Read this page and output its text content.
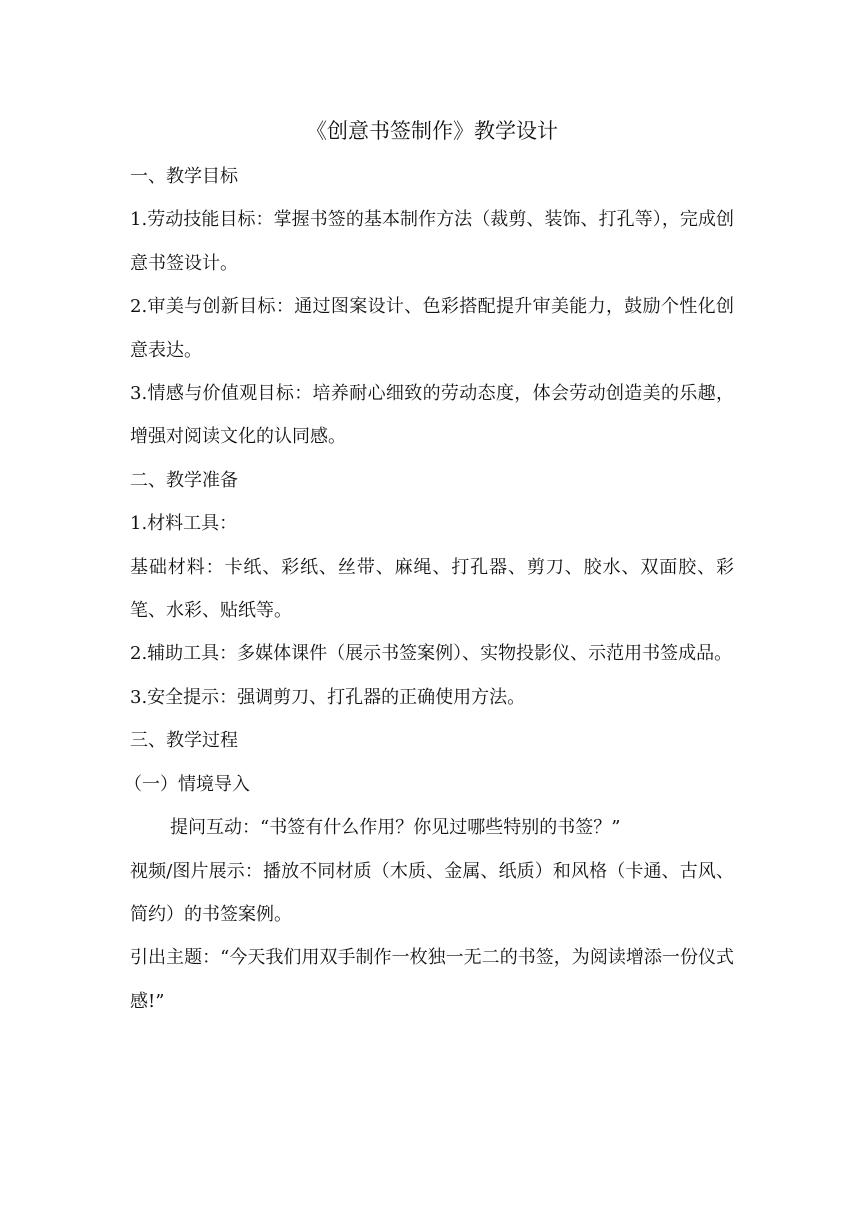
《创意书签制作》教学设计

一、教学目标

1.劳动技能目标：掌握书签的基本制作方法（裁剪、装饰、打孔等），完成创意书签设计。

2.审美与创新目标：通过图案设计、色彩搭配提升审美能力，鼓励个性化创意表达。

3.情感与价值观目标：培养耐心细致的劳动态度，体会劳动创造美的乐趣，增强对阅读文化的认同感。

二、教学准备

1.材料工具：

基础材料：卡纸、彩纸、丝带、麻绳、打孔器、剪刀、胶水、双面胶、彩笔、水彩、贴纸等。

2.辅助工具：多媒体课件（展示书签案例）、实物投影仪、示范用书签成品。

3.安全提示：强调剪刀、打孔器的正确使用方法。

三、教学过程

（一）情境导入

提问互动：“书签有什么作用？你见过哪些特别的书签？”

视频/图片展示：播放不同材质（木质、金属、纸质）和风格（卡通、古风、简约）的书签案例。

引出主题：“今天我们用双手制作一枚独一无二的书签，为阅读增添一份仪式感!”
